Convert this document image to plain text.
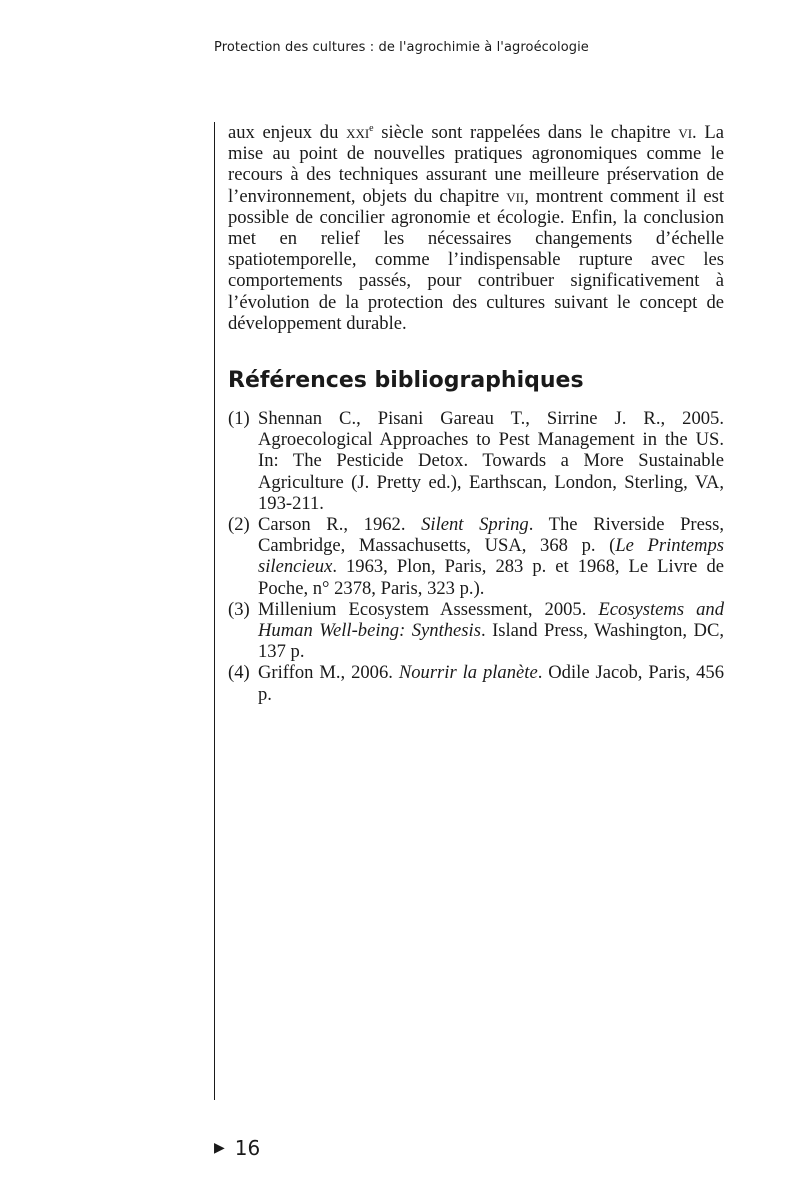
Protection des cultures : de l'agrochimie à l'agroécologie

aux enjeux du xxi$^e$ siècle sont rappelées dans le chapitre vi. La mise au point de nouvelles pratiques agronomiques comme le recours à des techniques assurant une meilleure préservation de l’environnement, objets du chapitre vii, montrent comment il est possible de concilier agronomie et écologie. Enfin, la conclusion met en relief les nécessaires changements d’échelle spatiotemporelle, comme l’indispensable rupture avec les comportements passés, pour contribuer significativement à l’évolution de la protection des cultures suivant le concept de développement durable.

Références bibliographiques
(1) Shennan C., Pisani Gareau T., Sirrine J. R., 2005. Agroecological Approaches to Pest Management in the US. In: The Pesticide Detox. Towards a More Sustainable Agriculture (J. Pretty ed.), Earthscan, London, Sterling, VA, 193-211.
(2) Carson R., 1962. Silent Spring. The Riverside Press, Cambridge, Massachusetts, USA, 368 p. (Le Printemps silencieux. 1963, Plon, Paris, 283 p. et 1968, Le Livre de Poche, n° 2378, Paris, 323 p.).
(3) Millenium Ecosystem Assessment, 2005. Ecosystems and Human Well-being: Synthesis. Island Press, Washington, DC, 137 p.
(4) Griffon M., 2006. Nourrir la planète. Odile Jacob, Paris, 456 p.
▶ 16
